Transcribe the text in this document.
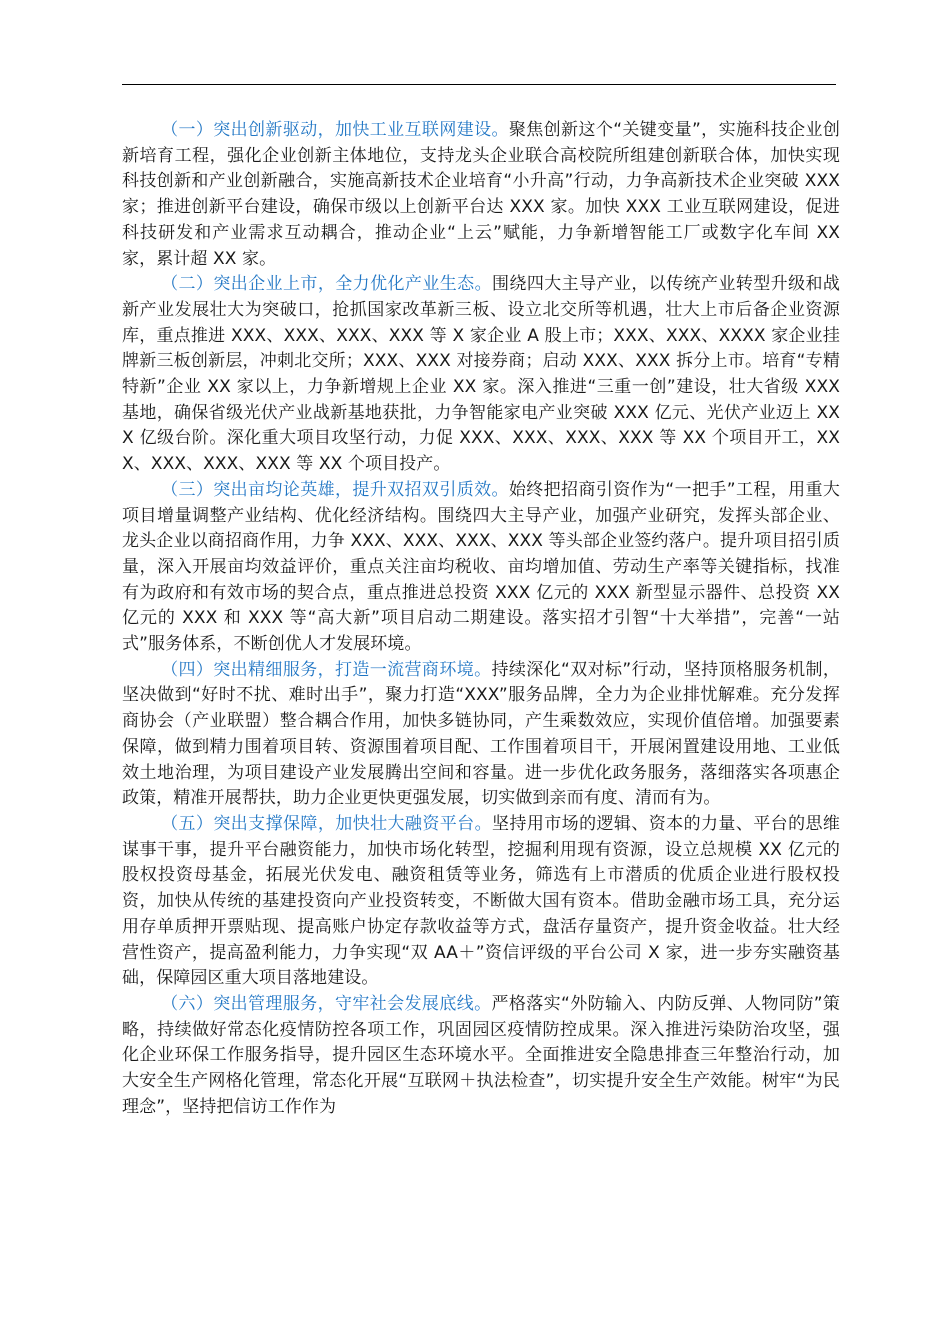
（一）突出创新驱动，加快工业互联网建设。聚焦创新这个“关键变量”，实施科技企业创新培育工程，强化企业创新主体地位，支持龙头企业联合高校院所组建创新联合体，加快实现科技创新和产业创新融合，实施高新技术企业培育“小升高”行动，力争高新技术企业突破 XXX 家；推进创新平台建设，确保市级以上创新平台达 XXX 家。加快 XXX 工业互联网建设，促进科技研发和产业需求互动耦合，推动企业“上云”赋能，力争新增智能工厂或数字化车间 XX 家，累计超 XX 家。

（二）突出企业上市，全力优化产业生态。围绕四大主导产业，以传统产业转型升级和战新产业发展壮大为突破口，抢抓国家改革新三板、设立北交所等机遇，壮大上市后备企业资源库，重点推进 XXX、XXX、XXX、XXX 等 X 家企业 A 股上市；XXX、XXX、XXXX 家企业挂牌新三板创新层，冲刺北交所；XXX、XXX 对接券商；启动 XXX、XXX 拆分上市。培育“专精特新”企业 XX 家以上，力争新增规上企业 XX 家。深入推进“三重一创”建设，壮大省级 XXX 基地，确保省级光伏产业战新基地获批，力争智能家电产业突破 XXX 亿元、光伏产业迈上 XXX 亿级台阶。深化重大项目攻坚行动，力促 XXX、XXX、XXX、XXX 等 XX 个项目开工，XXX、XXX、XXX、XXX 等 XX 个项目投产。

（三）突出亩均论英雄，提升双招双引质效。始终把招商引资作为“一把手”工程，用重大项目增量调整产业结构、优化经济结构。围绕四大主导产业，加强产业研究，发挥头部企业、龙头企业以商招商作用，力争 XXX、XXX、XXX、XXX 等头部企业签约落户。提升项目招引质量，深入开展亩均效益评价，重点关注亩均税收、亩均增加值、劳动生产率等关键指标，找准有为政府和有效市场的契合点，重点推进总投资 XXX 亿元的 XXX 新型显示器件、总投资 XX 亿元的 XXX 和 XXX 等“高大新”项目启动二期建设。落实招才引智“十大举措”，完善“一站式”服务体系，不断创优人才发展环境。

（四）突出精细服务，打造一流营商环境。持续深化“双对标”行动，坚持顶格服务机制，坚决做到“好时不扰、难时出手”，聚力打造“XXX”服务品牌，全力为企业排忧解难。充分发挥商协会（产业联盟）整合耦合作用，加快多链协同，产生乘数效应，实现价值倍增。加强要素保障，做到精力围着项目转、资源围着项目配、工作围着项目干，开展闲置建设用地、工业低效土地治理，为项目建设产业发展腾出空间和容量。进一步优化政务服务，落细落实各项惠企政策，精准开展帮扶，助力企业更快更强发展，切实做到亲而有度、清而有为。

（五）突出支撑保障，加快壮大融资平台。坚持用市场的逻辑、资本的力量、平台的思维谋事干事，提升平台融资能力，加快市场化转型，挖掘利用现有资源，设立总规模 XX 亿元的股权投资母基金，拓展光伏发电、融资租赁等业务，筛选有上市潜质的优质企业进行股权投资，加快从传统的基建投资向产业投资转变，不断做大国有资本。借助金融市场工具，充分运用存单质押开票贴现、提高账户协定存款收益等方式，盘活存量资产，提升资金收益。壮大经营性资产，提高盈利能力，力争实现“双 AA＋”资信评级的平台公司 X 家，进一步夯实融资基础，保障园区重大项目落地建设。

（六）突出管理服务，守牢社会发展底线。严格落实“外防输入、内防反弹、人物同防”策略，持续做好常态化疫情防控各项工作，巩固园区疫情防控成果。深入推进污染防治攻坚，强化企业环保工作服务指导，提升园区生态环境水平。全面推进安全隐患排查三年整治行动，加大安全生产网格化管理，常态化开展“互联网＋执法检查”，切实提升安全生产效能。树牢“为民理念”，坚持把信访工作作为
